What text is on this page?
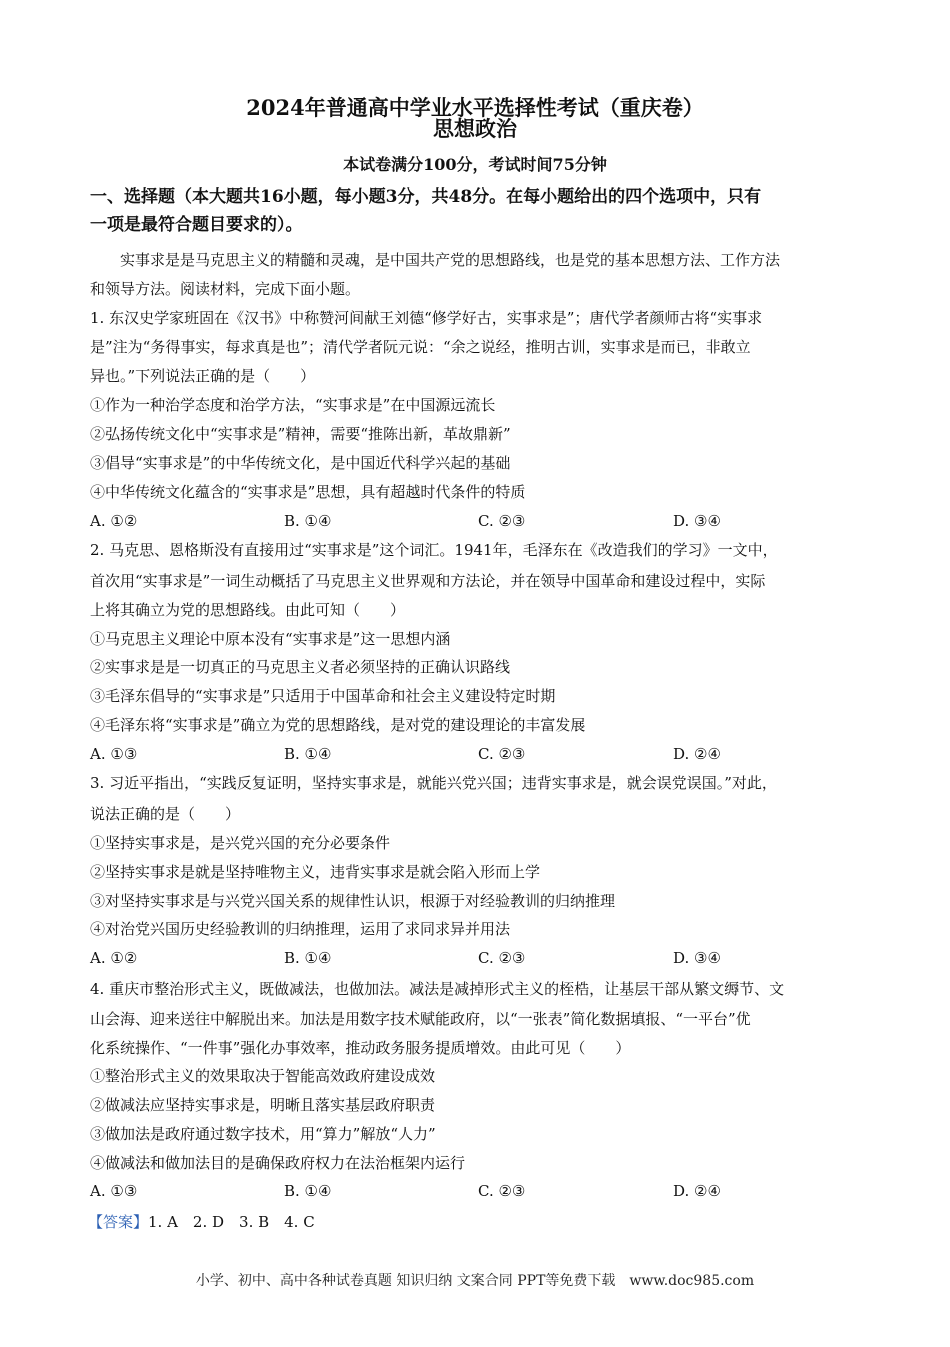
2024年普通高中学业水平选择性考试（重庆卷）
思想政治
本试卷满分100分，考试时间75分钟
一、选择题（本大题共16小题，每小题3分，共48分。在每小题给出的四个选项中，只有
一项是最符合题目要求的）。
实事求是是马克思主义的精髓和灵魂，是中国共产党的思想路线，也是党的基本思想方法、工作方法
和领导方法。阅读材料，完成下面小题。
1. 东汉史学家班固在《汉书》中称赞河间献王刘德“修学好古，实事求是”；唐代学者颜师古将“实事求
是”注为“务得事实，每求真是也”；清代学者阮元说：“余之说经，推明古训，实事求是而已，非敢立
异也。”下列说法正确的是（　　）
①作为一种治学态度和治学方法，“实事求是”在中国源远流长
②弘扬传统文化中“实事求是”精神，需要“推陈出新，革故鼎新”
③倡导“实事求是”的中华传统文化，是中国近代科学兴起的基础
④中华传统文化蕴含的“实事求是”思想，具有超越时代条件的特质
A. ①②	B. ①④	C. ②③	D. ③④
2. 马克思、恩格斯没有直接用过“实事求是”这个词汇。1941年，毛泽东在《改造我们的学习》一文中，
首次用“实事求是”一词生动概括了马克思主义世界观和方法论，并在领导中国革命和建设过程中，实际
上将其确立为党的思想路线。由此可知（　　）
①马克思主义理论中原本没有“实事求是”这一思想内涵
②实事求是是一切真正的马克思主义者必须坚持的正确认识路线
③毛泽东倡导的“实事求是”只适用于中国革命和社会主义建设特定时期
④毛泽东将“实事求是”确立为党的思想路线，是对党的建设理论的丰富发展
A. ①③	B. ①④	C. ②③	D. ②④
3. 习近平指出，“实践反复证明，坚持实事求是，就能兴党兴国；违背实事求是，就会误党误国。”对此，
说法正确的是（　　）
①坚持实事求是，是兴党兴国的充分必要条件
②坚持实事求是就是坚持唯物主义，违背实事求是就会陷入形而上学
③对坚持实事求是与兴党兴国关系的规律性认识，根源于对经验教训的归纳推理
④对治党兴国历史经验教训的归纳推理，运用了求同求异并用法
A. ①②	B. ①④	C. ②③	D. ③④
4. 重庆市整治形式主义，既做减法，也做加法。减法是减掉形式主义的桎梏，让基层干部从繁文缛节、文
山会海、迎来送往中解脱出来。加法是用数字技术赋能政府，以“一张表”简化数据填报、“一平台”优
化系统操作、“一件事”强化办事效率，推动政务服务提质增效。由此可见（　　）
①整治形式主义的效果取决于智能高效政府建设成效
②做减法应坚持实事求是，明晰且落实基层政府职责
③做加法是政府通过数字技术，用“算力”解放“人力”
④做减法和做加法目的是确保政府权力在法治框架内运行
A. ①③	B. ①④	C. ②③	D. ②④
【答案】1. A　2. D　3. B　4. C
小学、初中、高中各种试卷真题 知识归纳 文案合同 PPT等免费下载　www.doc985.com
